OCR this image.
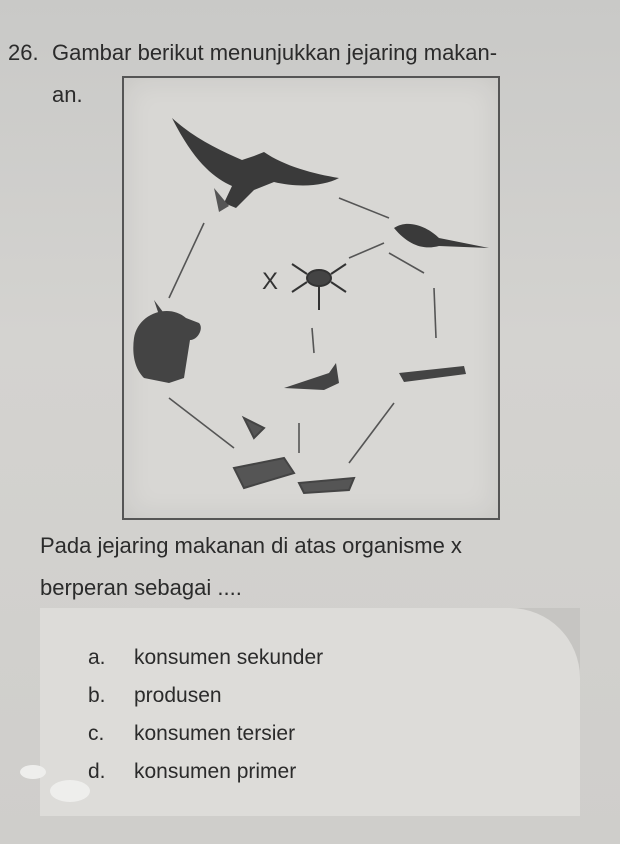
26. Gambar berikut menunjukkan jejaring makan-
an.
X
Pada jejaring makanan di atas organisme x
berperan sebagai ....
a. konsumen sekunder
b. produsen
c. konsumen tersier
d. konsumen primer
